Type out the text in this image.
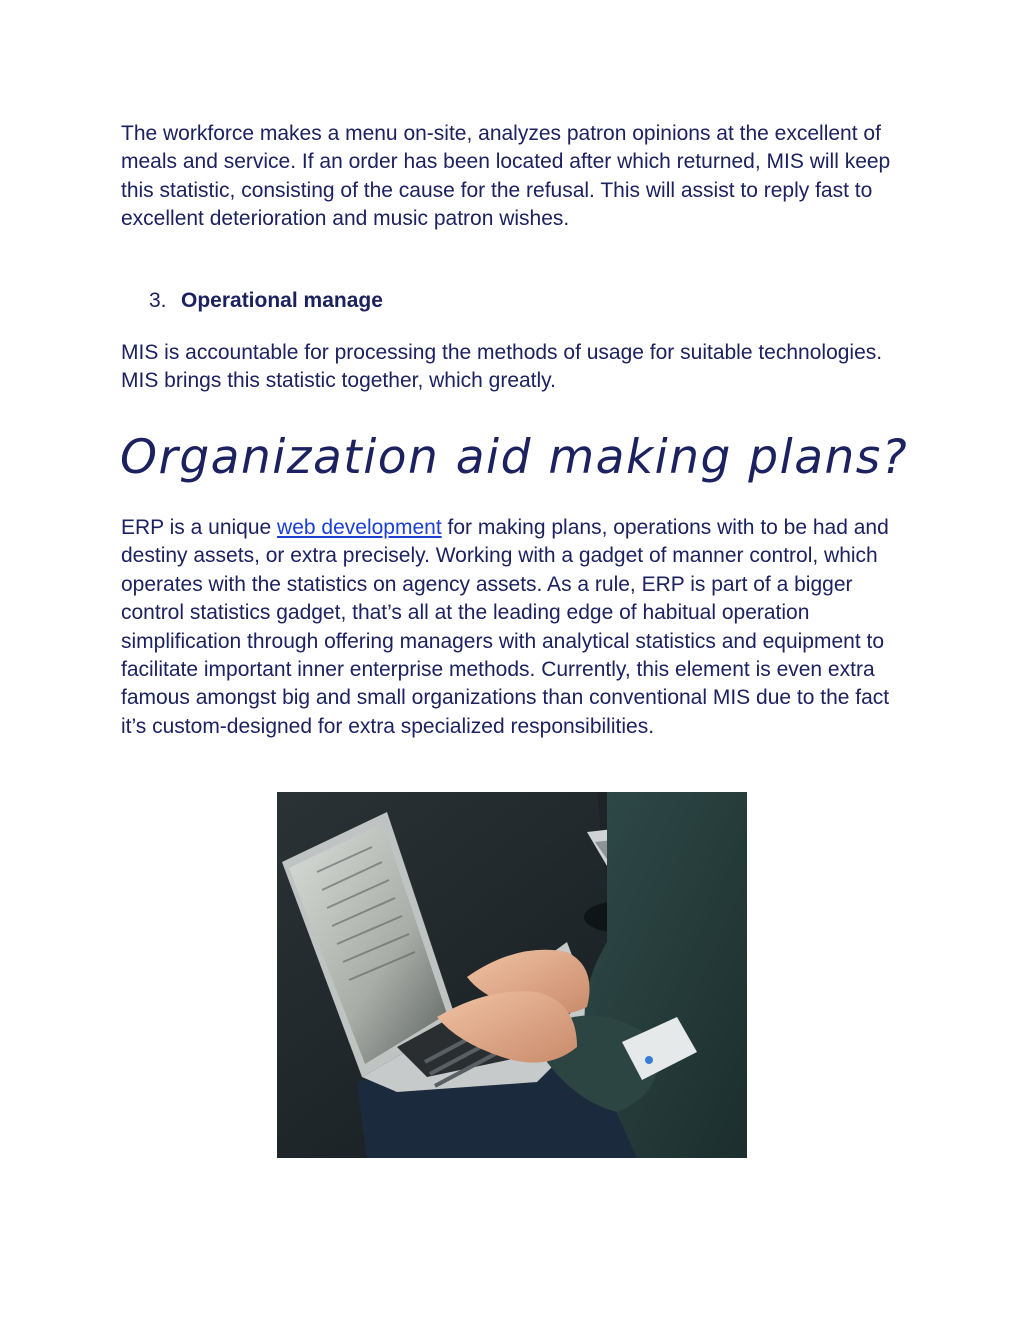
The workforce makes a menu on-site, analyzes patron opinions at the excellent of meals and service. If an order has been located after which returned, MIS will keep this statistic, consisting of the cause for the refusal. This will assist to reply fast to excellent deterioration and music patron wishes.

3. Operational manage

MIS is accountable for processing the methods of usage for suitable technologies. MIS brings this statistic together, which greatly.

Organization aid making plans?

ERP is a unique web development for making plans, operations with to be had and destiny assets, or extra precisely. Working with a gadget of manner control, which operates with the statistics on agency assets. As a rule, ERP is part of a bigger control statistics gadget, that’s all at the leading edge of habitual operation simplification through offering managers with analytical statistics and equipment to facilitate important inner enterprise methods. Currently, this element is even extra famous amongst big and small organizations than conventional MIS due to the fact it’s custom-designed for extra specialized responsibilities.
